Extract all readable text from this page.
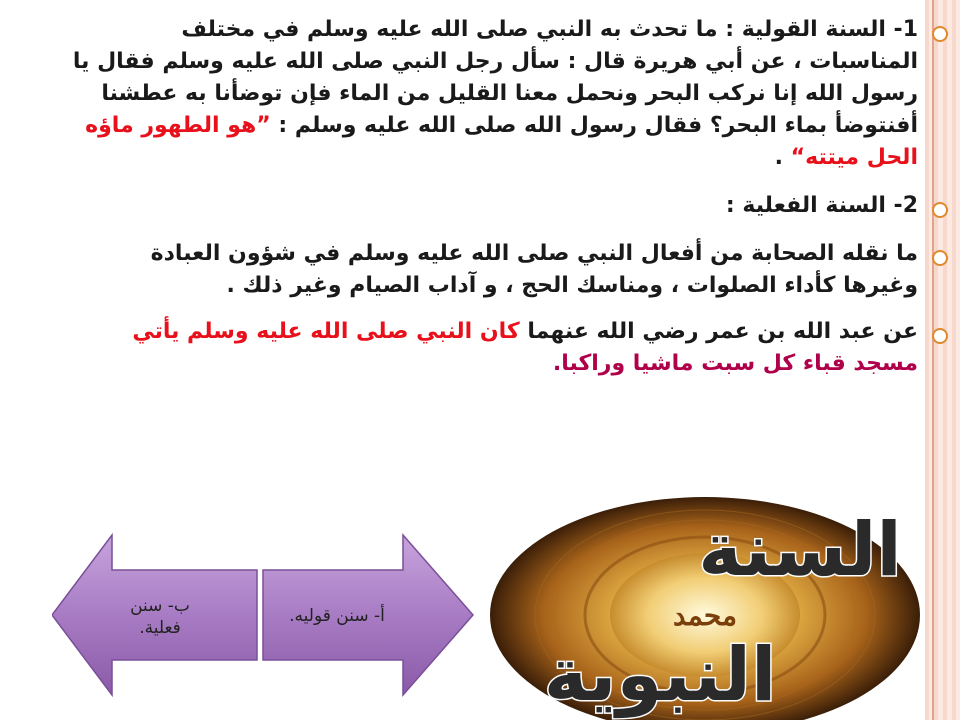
1- السنة القولية : ما تحدث به النبي صلى الله عليه وسلم في مختلف
المناسبات ، عن أبي هريرة قال : سأل رجل النبي صلى الله عليه وسلم فقال يا
رسول الله إنا نركب البحر ونحمل معنا القليل من الماء فإن توضأنا به عطشنا
أفنتوضأ بماء البحر؟ فقال رسول الله صلى الله عليه وسلم : ”هو الطهور ماؤه
الحل ميتته“ .
2- السنة الفعلية :
ما نقله الصحابة من أفعال النبي صلى الله عليه وسلم في شؤون العبادة
وغيرها كأداء الصلوات ، ومناسك الحج ، و آداب الصيام وغير ذلك .
عن عبد الله بن عمر رضي الله عنهما كان النبي صلى الله عليه وسلم يأتي
مسجد قباء كل سبت ماشيا وراكبا.
ب- سنن
فعلية.
أ- سنن قوليه.	محمد
السنة
النبوية
